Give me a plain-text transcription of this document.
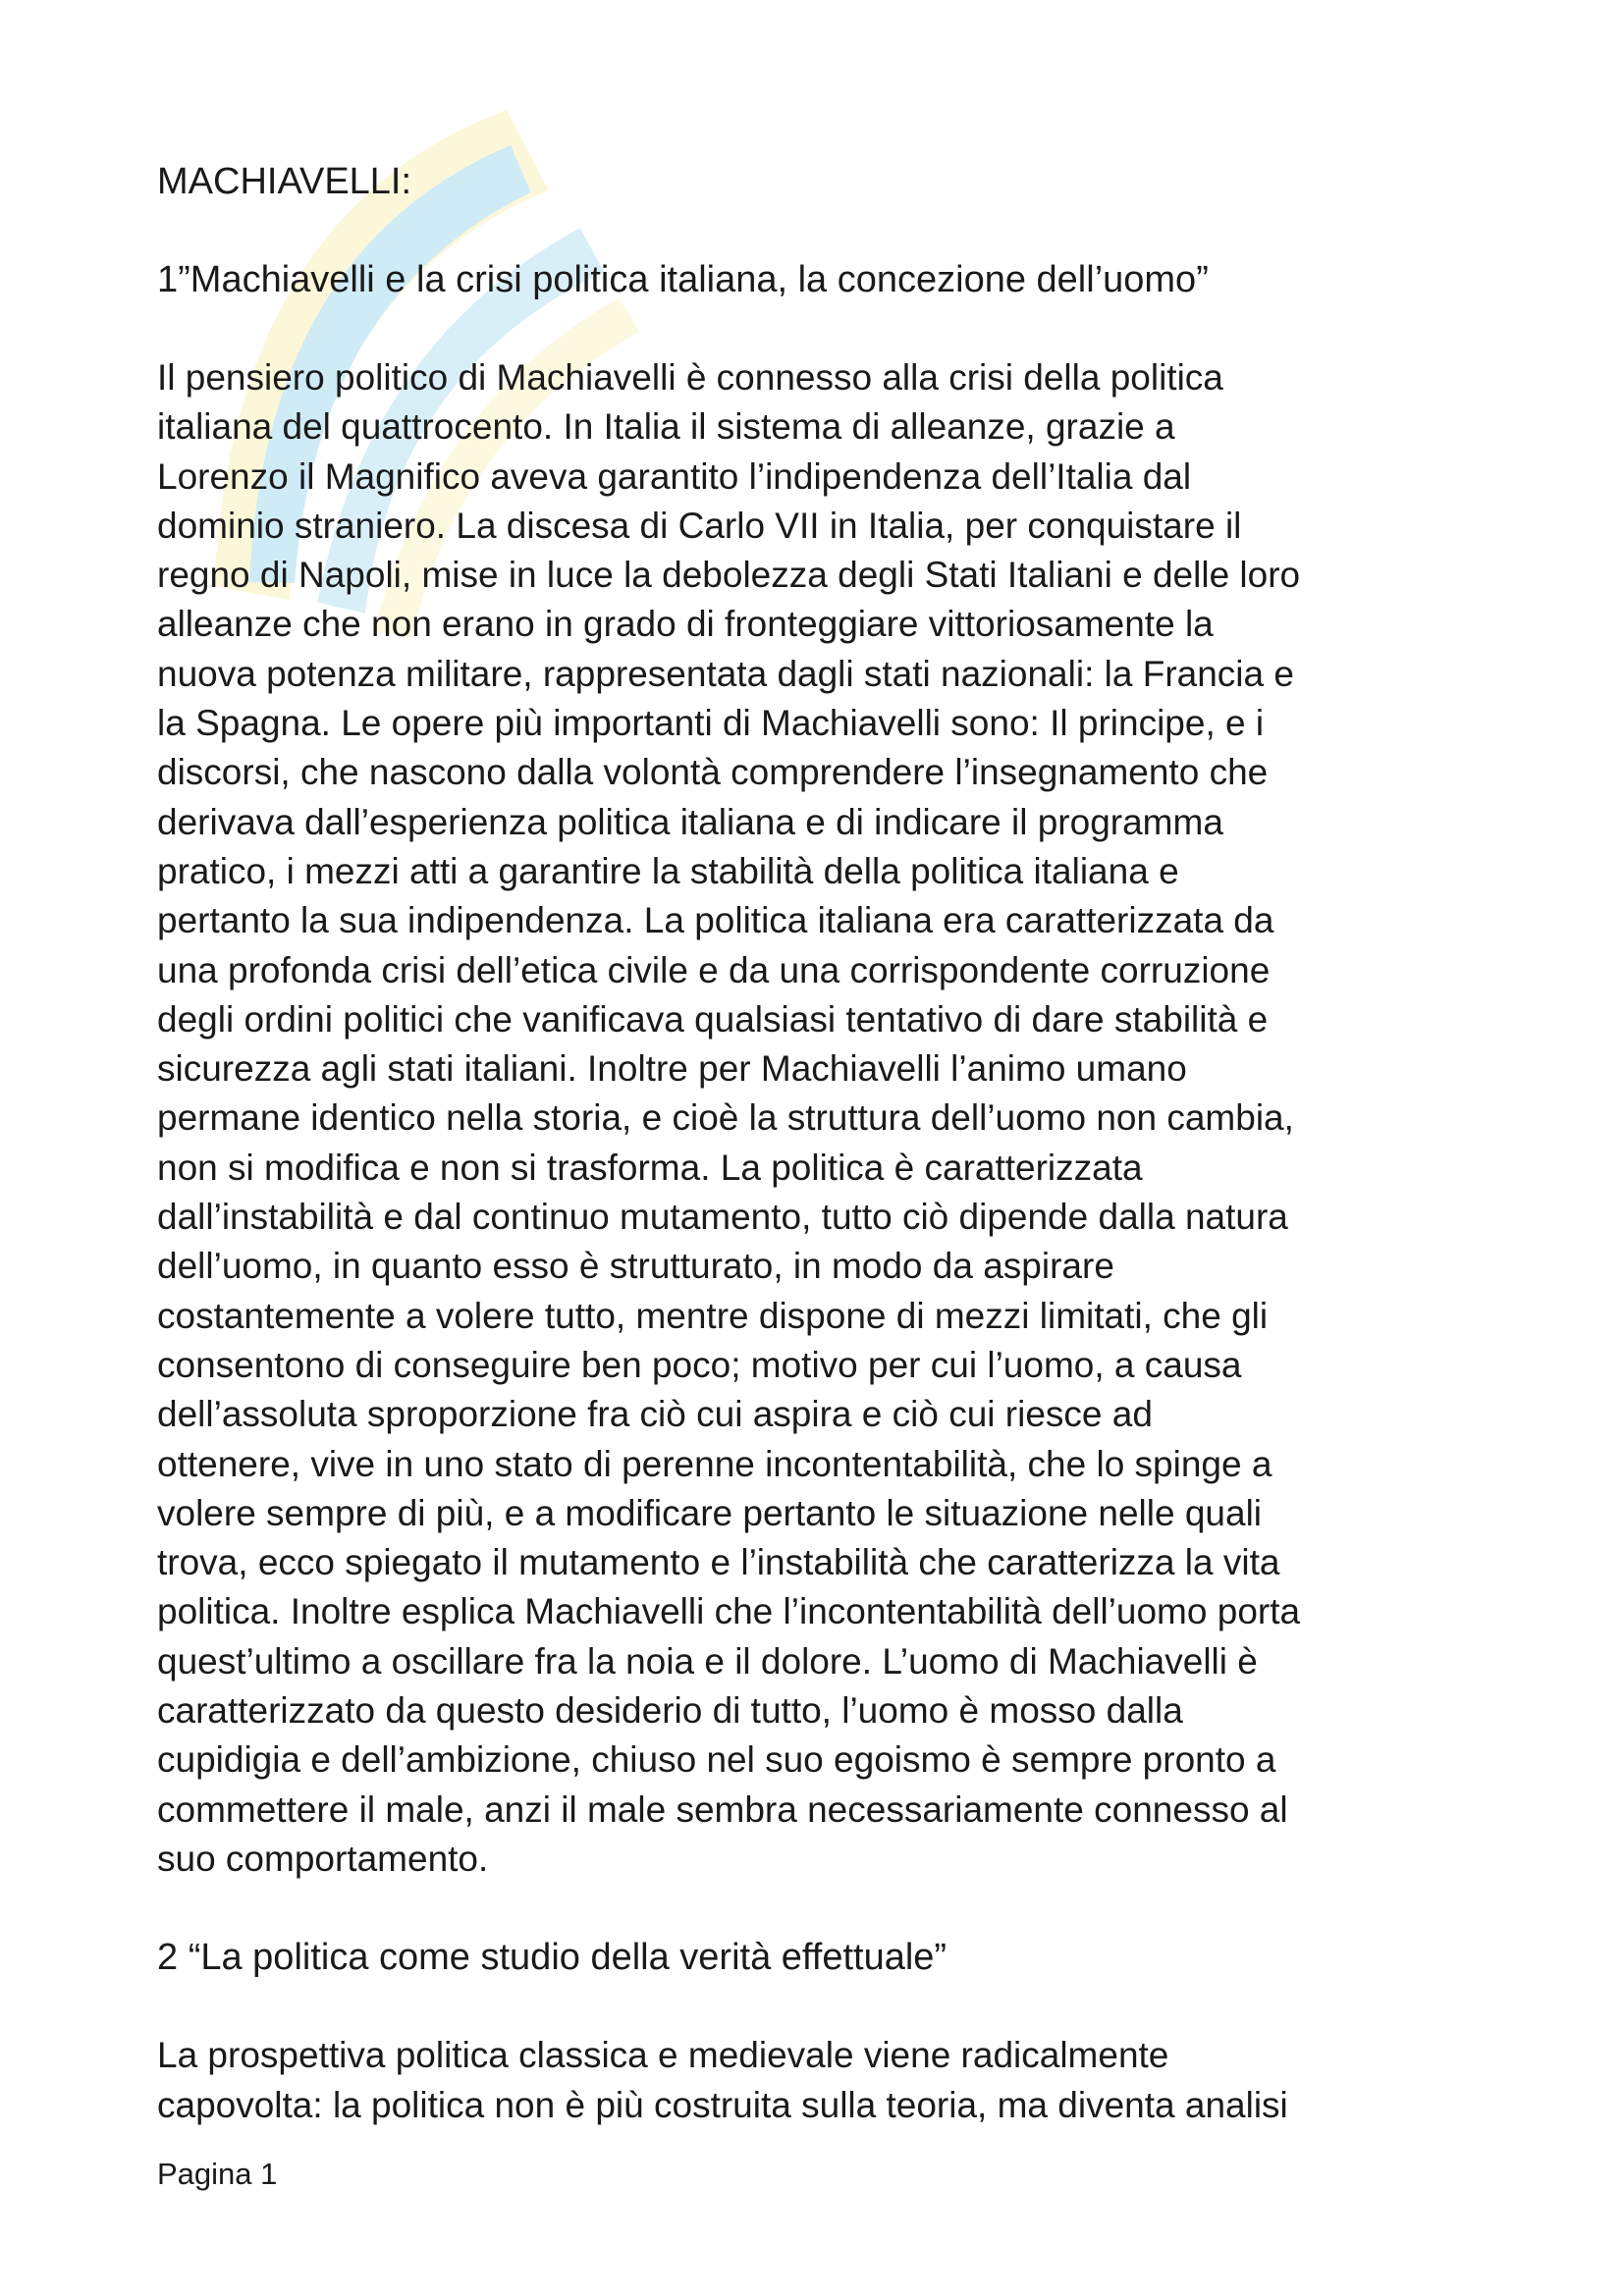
MACHIAVELLI:
1”Machiavelli e la crisi politica italiana, la concezione dell’uomo”

Il pensiero politico di Machiavelli è connesso alla crisi della politica
italiana del quattrocento. In Italia il sistema di alleanze, grazie a
Lorenzo il Magnifico aveva garantito l’indipendenza dell’Italia dal
dominio straniero. La discesa di Carlo VII in Italia, per conquistare il
regno di Napoli, mise in luce la debolezza degli Stati Italiani e delle loro
alleanze che non erano in grado di fronteggiare vittoriosamente la
nuova potenza militare, rappresentata dagli stati nazionali: la Francia e
la Spagna. Le opere più importanti di Machiavelli sono: Il principe, e i
discorsi, che nascono dalla volontà comprendere l’insegnamento che
derivava dall’esperienza politica italiana e di indicare il programma
pratico, i mezzi atti a garantire la stabilità della politica italiana e
pertanto la sua indipendenza. La politica italiana era caratterizzata da
una profonda crisi dell’etica civile e da una corrispondente corruzione
degli ordini politici che vanificava qualsiasi tentativo di dare stabilità e
sicurezza agli stati italiani. Inoltre per Machiavelli l’animo umano
permane identico nella storia, e cioè la struttura dell’uomo non cambia,
non si modifica e non si trasforma. La politica è caratterizzata
dall’instabilità e dal continuo mutamento, tutto ciò dipende dalla natura
dell’uomo, in quanto esso è strutturato, in modo da aspirare
costantemente a volere tutto, mentre dispone di mezzi limitati, che gli
consentono di conseguire ben poco; motivo per cui l’uomo, a causa
dell’assoluta sproporzione fra ciò cui aspira e ciò cui riesce ad
ottenere, vive in uno stato di perenne incontentabilità, che lo spinge a
volere sempre di più, e a modificare pertanto le situazione nelle quali
trova, ecco spiegato il mutamento e l’instabilità che caratterizza la vita
politica. Inoltre esplica Machiavelli che l’incontentabilità dell’uomo porta
quest’ultimo a oscillare fra la noia e il dolore. L’uomo di Machiavelli è
caratterizzato da questo desiderio di tutto, l’uomo è mosso dalla
cupidigia e dell’ambizione, chiuso nel suo egoismo è sempre pronto a
commettere il male, anzi il male sembra necessariamente connesso al
suo comportamento.

2 “La politica come studio della verità effettuale”

La prospettiva politica classica e medievale viene radicalmente
capovolta: la politica non è più costruita sulla teoria, ma diventa analisi

Pagina 1
